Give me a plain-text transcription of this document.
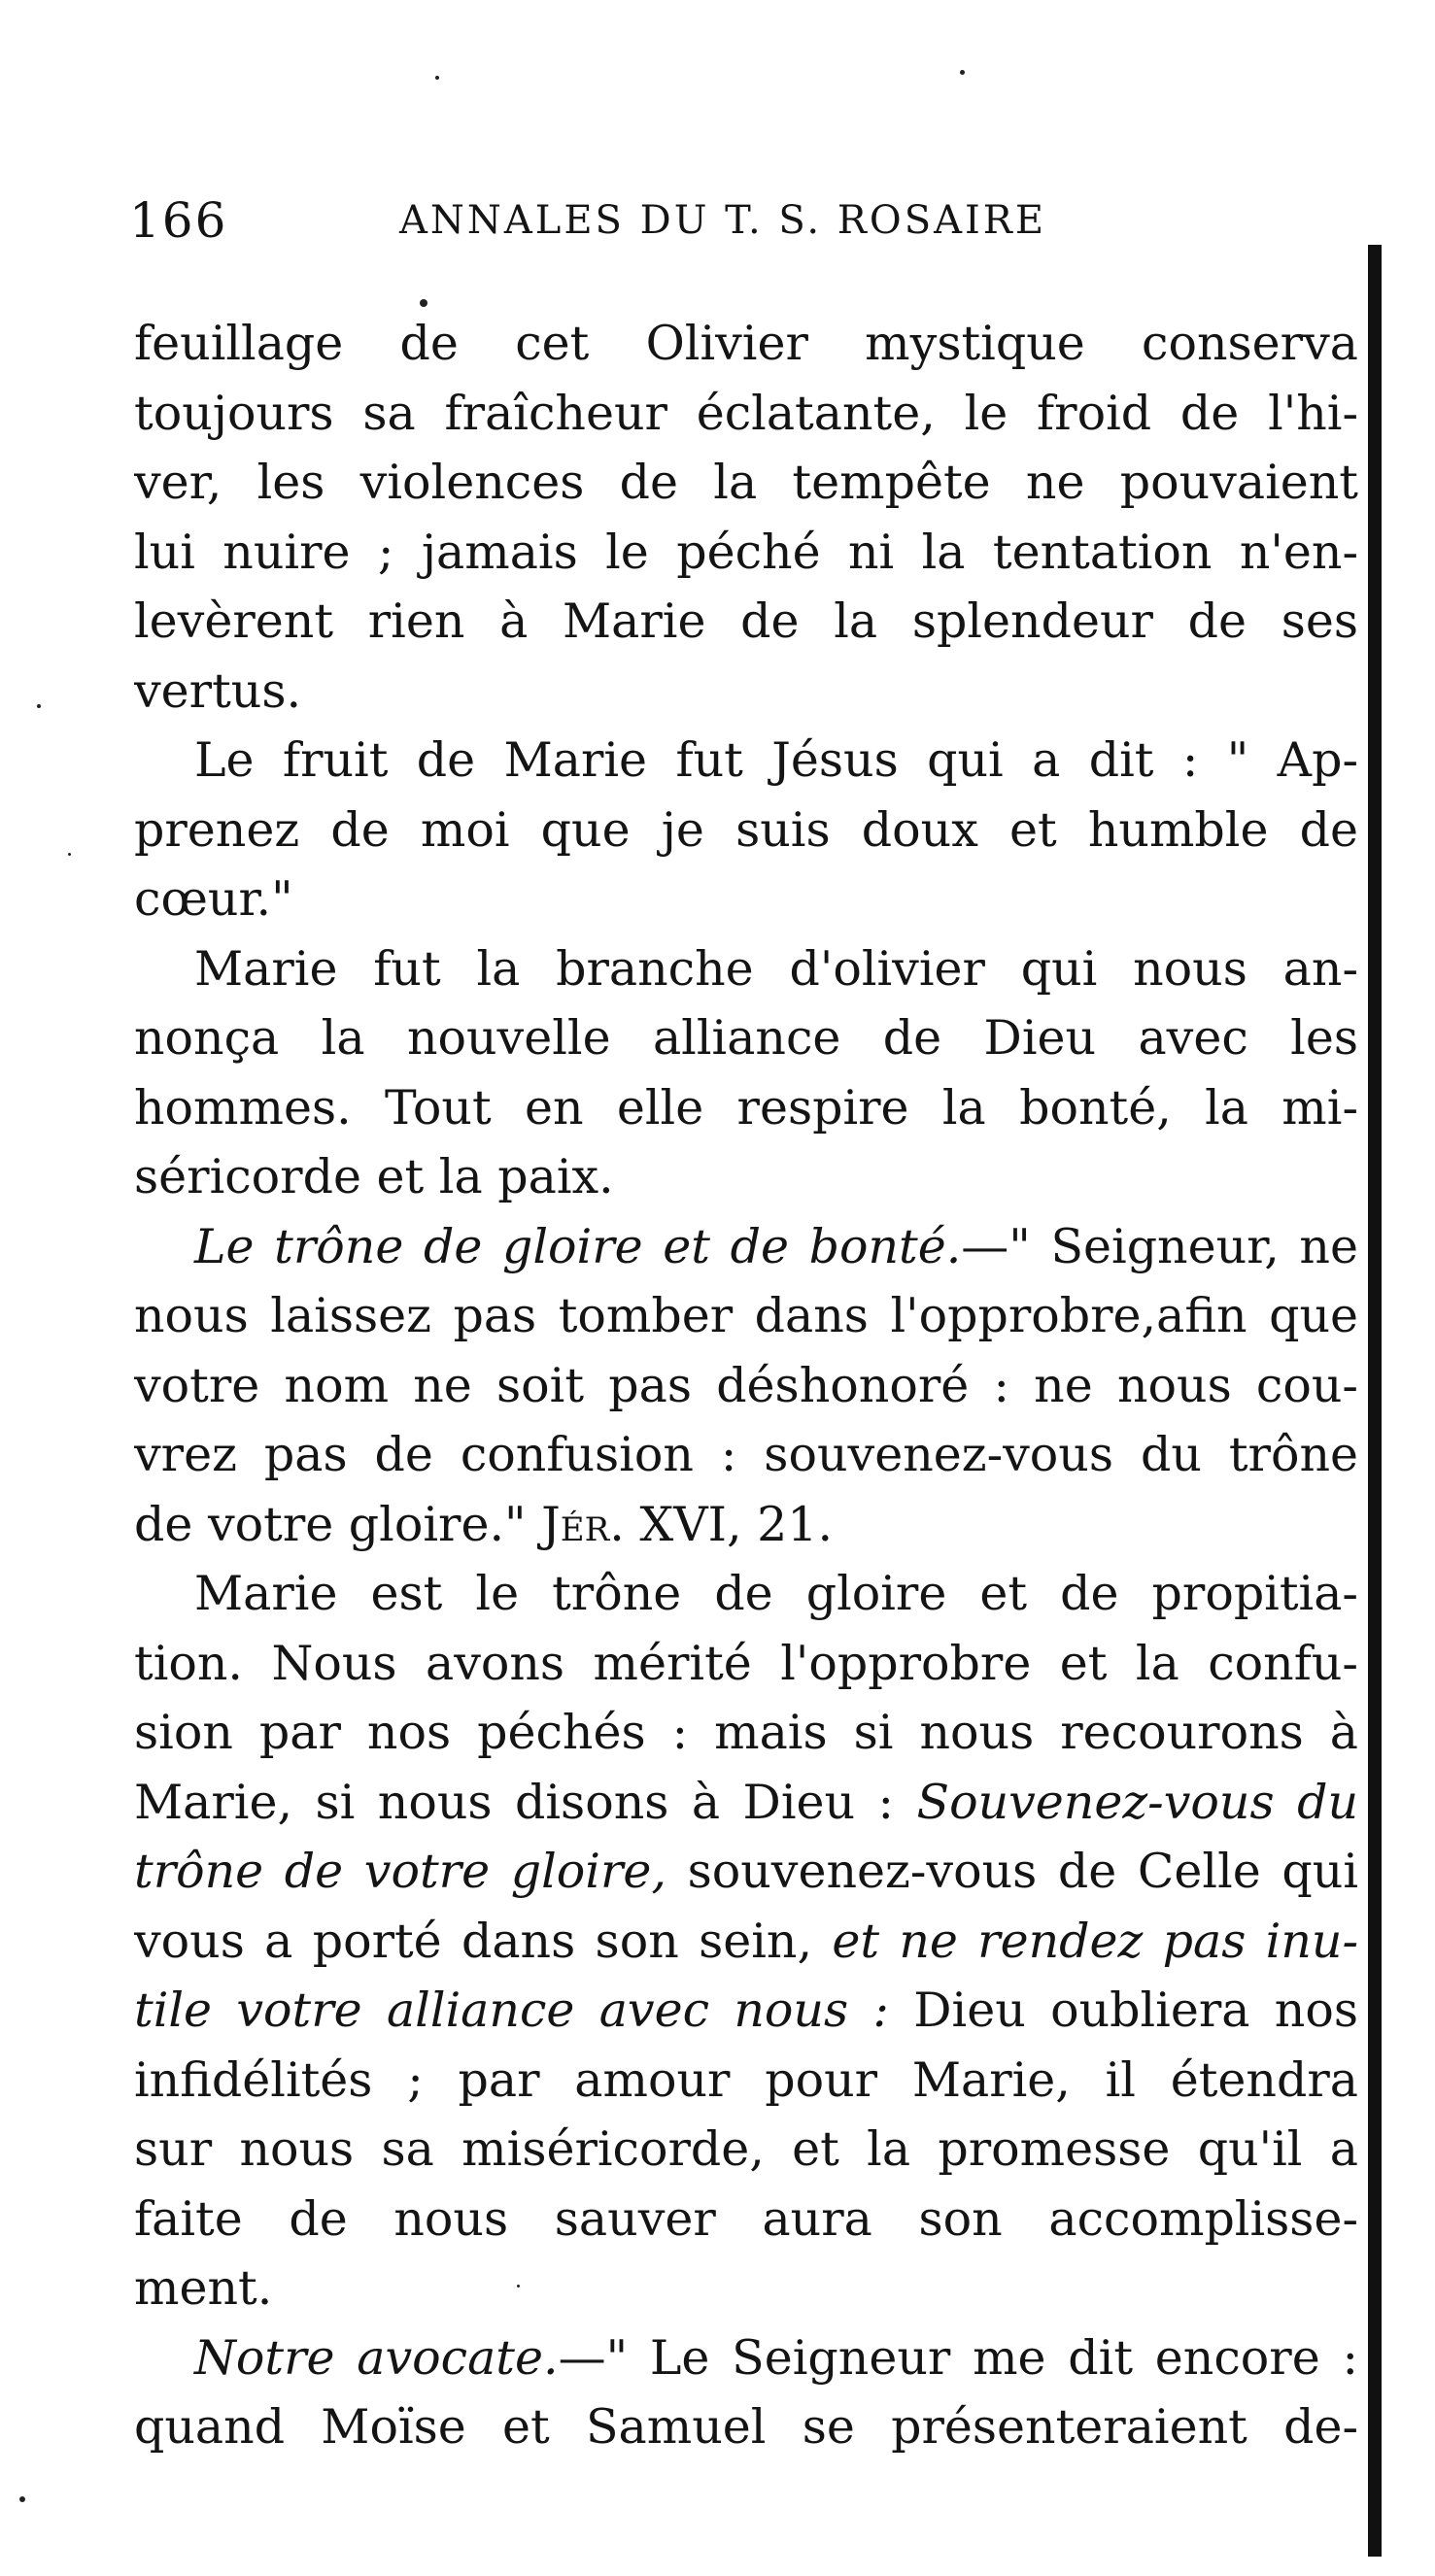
166	ANNALES DU T. S. ROSAIRE
feuillage de cet Olivier mystique conserva
toujours sa fraîcheur éclatante, le froid de l'hi-
ver, les violences de la tempête ne pouvaient
lui nuire ; jamais le péché ni la tentation n'en-
levèrent rien à Marie de la splendeur de ses
vertus.
Le fruit de Marie fut Jésus qui a dit : " Ap-
prenez de moi que je suis doux et humble de
cœur."
Marie fut la branche d'olivier qui nous an-
nonça la nouvelle alliance de Dieu avec les
hommes. Tout en elle respire la bonté, la mi-
séricorde et la paix.
Le trône de gloire et de bonté.—" Seigneur, ne
nous laissez pas tomber dans l'opprobre,afin que
votre nom ne soit pas déshonoré : ne nous cou-
vrez pas de confusion : souvenez-vous du trône
de votre gloire." Jér. XVI, 21.
Marie est le trône de gloire et de propitia-
tion. Nous avons mérité l'opprobre et la confu-
sion par nos péchés : mais si nous recourons à
Marie, si nous disons à Dieu : Souvenez-vous du
trône de votre gloire, souvenez-vous de Celle qui
vous a porté dans son sein, et ne rendez pas inu-
tile votre alliance avec nous : Dieu oubliera nos
infidélités ; par amour pour Marie, il étendra
sur nous sa miséricorde, et la promesse qu'il a
faite de nous sauver aura son accomplisse-
ment.
Notre avocate.—" Le Seigneur me dit encore :
quand Moïse et Samuel se présenteraient de-
